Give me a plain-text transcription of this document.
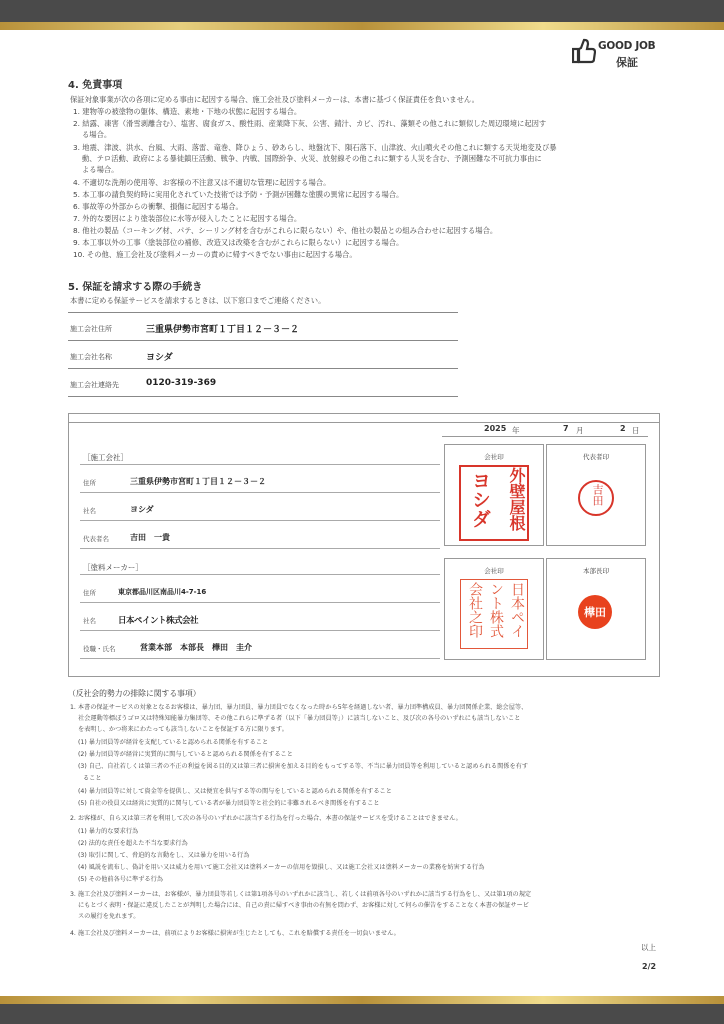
GOOD JOB
保証
4. 免責事項
保証対象事業が次の各項に定める事由に起因する場合、施工会社及び塗料メーカーは、本書に基づく保証責任を負いません。
1. 建物等の被塗物の躯体、構造、素地・下地の状態に起因する場合。
2. 結露、凍害（滑雪剥離含む）、塩害、腐食ガス、酸性雨、産業降下灰、公害、錆汁、カビ、汚れ、藻類その他これに類似した周辺環境に起因す
る場合。
3. 地震、津波、洪水、台風、大雨、落雷、竜巻、降ひょう、砂あらし、地盤沈下、隕石落下、山津波、火山噴火その他これに類する天災地変及び暴
動、テロ活動、政府による暴徒鎮圧活動、戦争、内戦、国際紛争、火災、放射線その他これに類する人災を含む、予測困難な不可抗力事由に
よる場合。
4. 不適切な洗剤の使用等、お客様の不注意又は不適切な管理に起因する場合。
5. 本工事の請負契約時に実用化されていた技術では予防・予測が困難な塗膜の異常に起因する場合。
6. 事故等の外部からの衝撃、損傷に起因する場合。
7. 外的な要因により塗装部位に水等が侵入したことに起因する場合。
8. 他社の製品（コーキング材、パテ、シーリング材を含むがこれらに限らない）や、他社の製品との組み合わせに起因する場合。
9. 本工事以外の工事（塗装部位の補修、改造又は改築を含むがこれらに限らない）に起因する場合。
10. その他、施工会社及び塗料メーカーの責めに帰すべきでない事由に起因する場合。
5. 保証を請求する際の手続き
本書に定める保証サービスを請求するときは、以下窓口までご連絡ください。
施工会社住所	三重県伊勢市宮町１丁目１２－３－２
施工会社名称	ヨシダ
施工会社連絡先	0120-319-369
2025 年	7 月	2 日
［施工会社］
住所	三重県伊勢市宮町１丁目１２－３－２
社名	ヨシダ
代表者名	吉田　一貴
［塗料メーカー］
住所	東京都品川区南品川4-7-16
社名	日本ペイント株式会社
役職・氏名	営業本部　本部長　樺田　圭介
会社印
外壁屋根
ヨシダ
代表者印
吉田
会社印
日本ペイ
ント株式
会社之印
本部長印
樺田
（反社会的勢力の排除に関する事項）
1. 本書の保証サービスの対象となるお客様は、暴力団、暴力団員、暴力団員でなくなった時から5年を経過しない者、暴力団準構成員、暴力団関係企業、総会屋等、
社会運動等標ぼうゴロ又は特殊知能暴力集団等、その他これらに準ずる者（以下「暴力団員等」）に該当しないこと、及び次の各号のいずれにも該当しないこと
を表明し、かつ将来にわたっても該当しないことを保証する方に限ります。
(1) 暴力団員等が経営を支配していると認められる関係を有すること
(2) 暴力団員等が経営に実質的に関与していると認められる関係を有すること
(3) 自己、自社若しくは第三者の不正の利益を図る目的又は第三者に損害を加える目的をもってする等、不当に暴力団員等を利用していると認められる関係を有す
ること
(4) 暴力団員等に対して資金等を提供し、又は便宜を供与する等の関与をしていると認められる関係を有すること
(5) 自社の役員又は経営に実質的に関与している者が暴力団員等と社会的に非難されるべき関係を有すること
2. お客様が、自ら又は第三者を利用して次の各号のいずれかに該当する行為を行った場合、本書の保証サービスを受けることはできません。
(1) 暴力的な要求行為
(2) 法的な責任を超えた不当な要求行為
(3) 取引に関して、脅迫的な言動をし、又は暴力を用いる行為
(4) 風説を流布し、偽計を用い又は威力を用いて施工会社又は塗料メーカーの信用を毀損し、又は施工会社又は塗料メーカーの業務を妨害する行為
(5) その他前各号に準ずる行為
3. 施工会社及び塗料メーカーは、お客様が、暴力団員等若しくは第1項各号のいずれかに該当し、若しくは前項各号のいずれかに該当する行為をし、又は第1項の規定
にもとづく表明・保証に違反したことが判明した場合には、自己の責に帰すべき事由の有無を問わず、お客様に対して何らの催告をすることなく本書の保証サービ
スの履行を免れます。
4. 施工会社及び塗料メーカーは、前項によりお客様に損害が生じたとしても、これを賠償する責任を一切負いません。
以上
2/2
